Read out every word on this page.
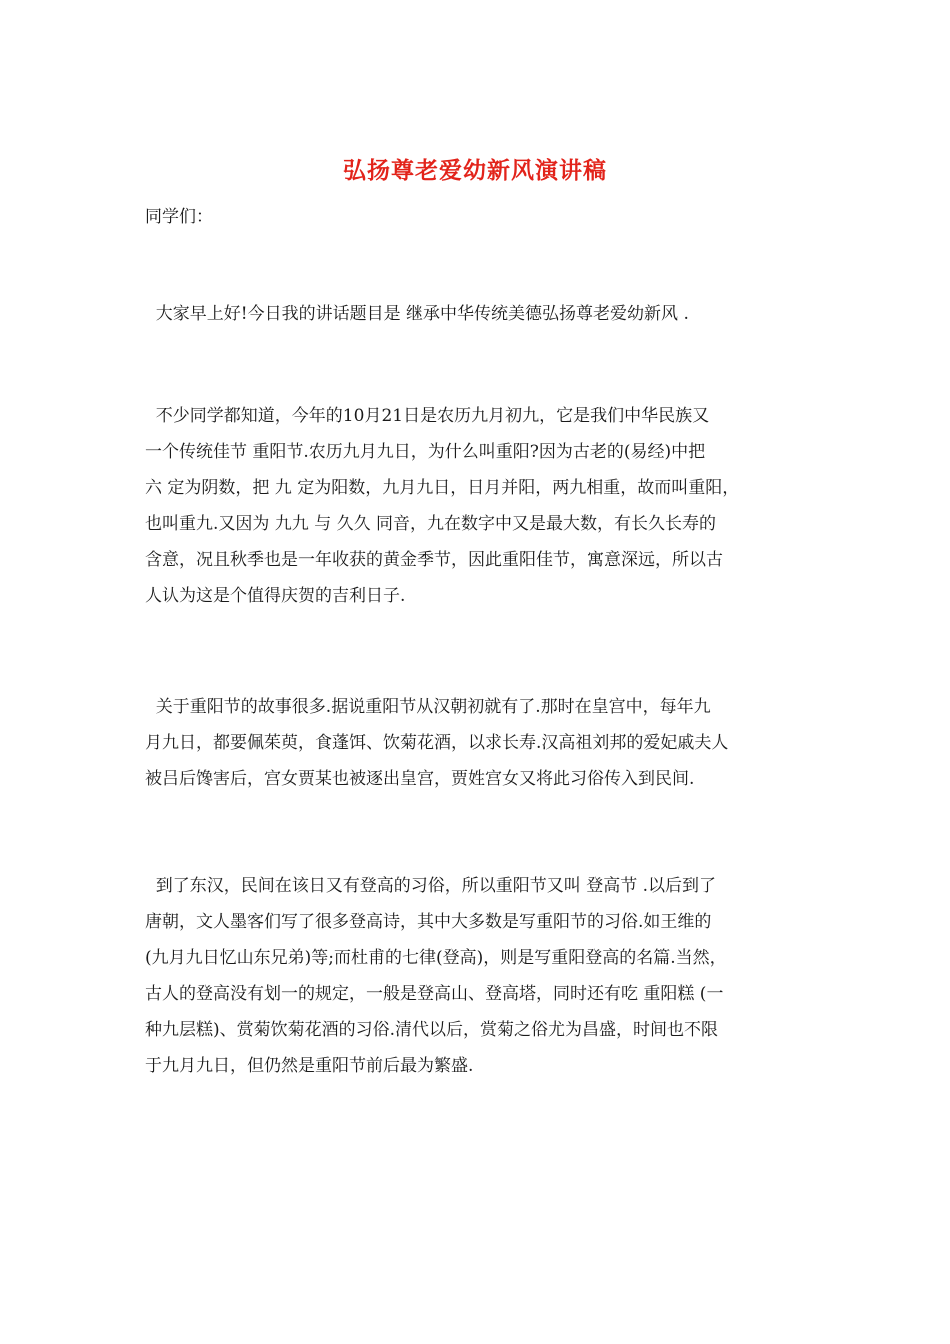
弘扬尊老爱幼新风演讲稿
同学们：
大家早上好!今日我的讲话题目是 继承中华传统美德弘扬尊老爱幼新风 .
不少同学都知道，今年的10月21日是农历九月初九，它是我们中华民族又
一个传统佳节 重阳节.农历九月九日，为什么叫重阳?因为古老的(易经)中把
六 定为阴数，把 九 定为阳数，九月九日，日月并阳，两九相重，故而叫重阳，
也叫重九.又因为 九九 与 久久 同音，九在数字中又是最大数，有长久长寿的
含意，况且秋季也是一年收获的黄金季节，因此重阳佳节，寓意深远，所以古
人认为这是个值得庆贺的吉利日子.
关于重阳节的故事很多.据说重阳节从汉朝初就有了.那时在皇宫中，每年九
月九日，都要佩茱萸，食蓬饵、饮菊花酒，以求长寿.汉高祖刘邦的爱妃戚夫人
被吕后馋害后，宫女贾某也被逐出皇宫，贾姓宫女又将此习俗传入到民间.
到了东汉，民间在该日又有登高的习俗，所以重阳节又叫 登高节 .以后到了
唐朝，文人墨客们写了很多登高诗，其中大多数是写重阳节的习俗.如王维的
(九月九日忆山东兄弟)等;而杜甫的七律(登高)，则是写重阳登高的名篇.当然，
古人的登高没有划一的规定，一般是登高山、登高塔，同时还有吃 重阳糕 (一
种九层糕)、赏菊饮菊花酒的习俗.清代以后，赏菊之俗尤为昌盛，时间也不限
于九月九日，但仍然是重阳节前后最为繁盛.
